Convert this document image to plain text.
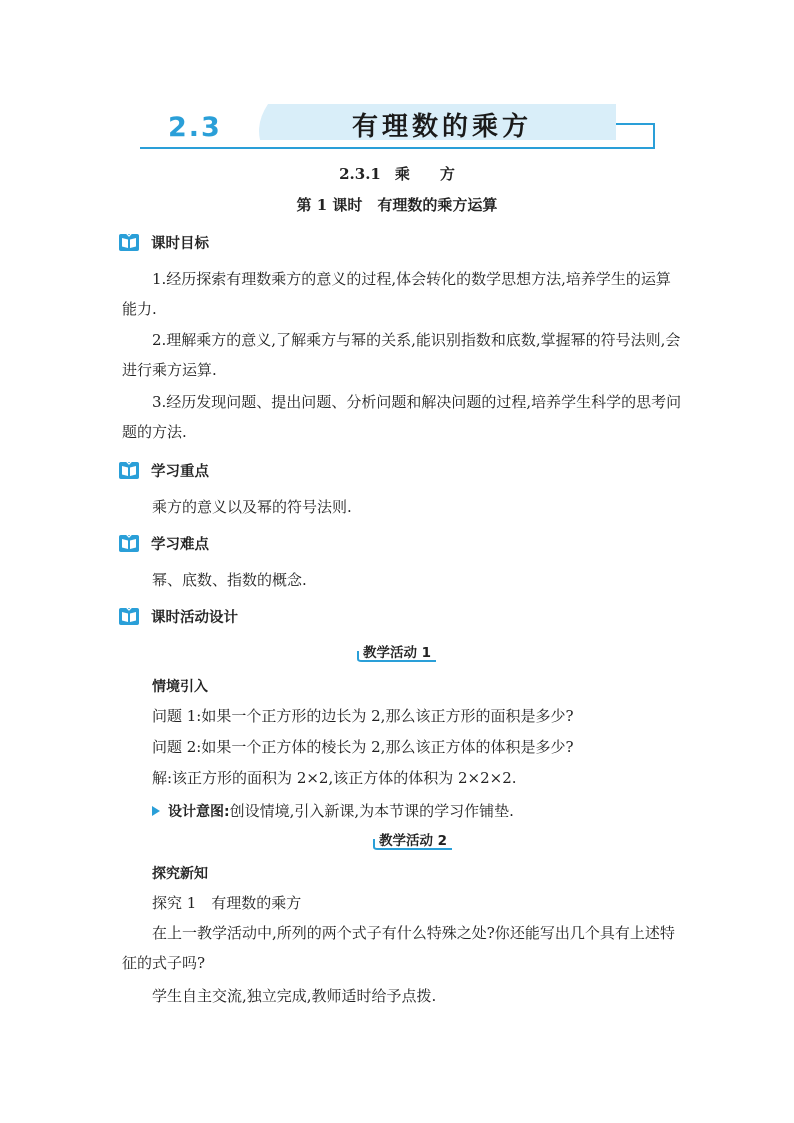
2.3	有理数的乘方
2.3.1 乘 方
第 1 课时　有理数的乘方运算
课时目标
1.经历探索有理数乘方的意义的过程,体会转化的数学思想方法,培养学生的运算能力.
2.理解乘方的意义,了解乘方与幂的关系,能识别指数和底数,掌握幂的符号法则,会进行乘方运算.
3.经历发现问题、提出问题、分析问题和解决问题的过程,培养学生科学的思考问题的方法.
学习重点
乘方的意义以及幂的符号法则.
学习难点
幂、底数、指数的概念.
课时活动设计
教学活动 1
情境引入
问题 1:如果一个正方形的边长为 2,那么该正方形的面积是多少?
问题 2:如果一个正方体的棱长为 2,那么该正方体的体积是多少?
解:该正方形的面积为 2×2,该正方体的体积为 2×2×2.
设计意图: 创设情境,引入新课,为本节课的学习作铺垫.
教学活动 2
探究新知
探究 1　有理数的乘方
在上一教学活动中,所列的两个式子有什么特殊之处?你还能写出几个具有上述特征的式子吗?
学生自主交流,独立完成,教师适时给予点拨.
